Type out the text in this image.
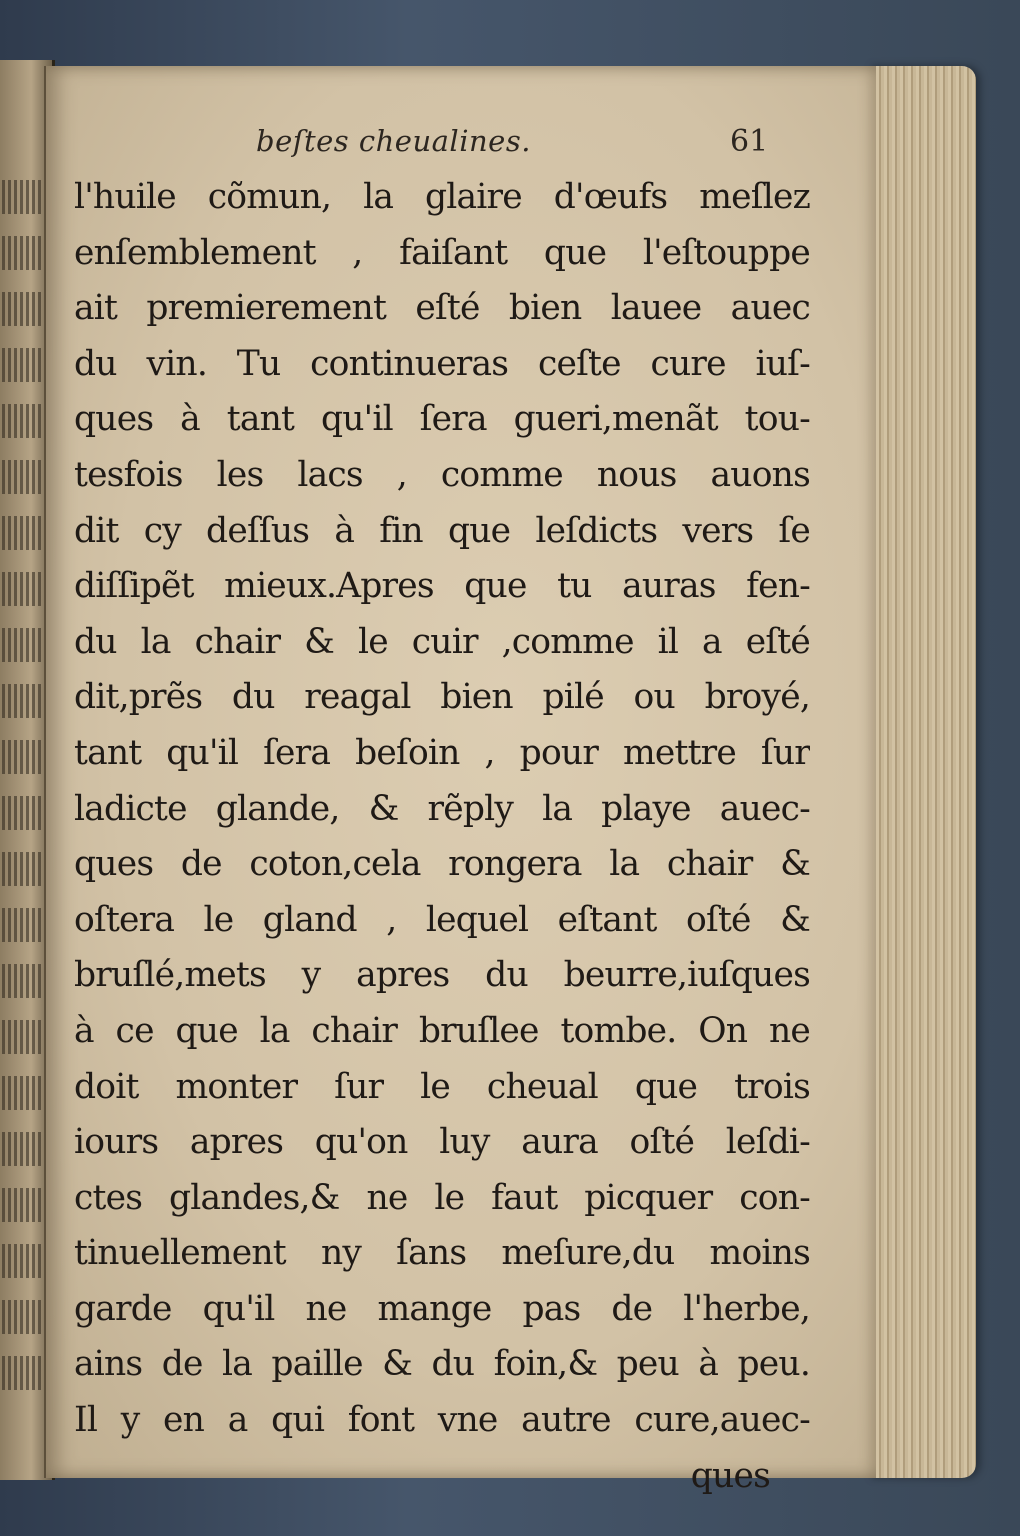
beſtes cheualines.	61
l'huile cõmun, la glaire d'œufs meſlez
enſemblement , faiſant que l'eſtouppe
ait premierement eſté bien lauee auec
du vin. Tu continueras ceſte cure iuſ-
ques à tant qu'il ſera gueri,menãt tou-
tesfois les lacs , comme nous auons
dit cy deſſus à fin que leſdicts vers ſe
diſſipẽt mieux.Apres que tu auras fen-
du la chair & le cuir ,comme il a eſté
dit,prẽs du reagal bien pilé ou broyé,
tant qu'il ſera beſoin , pour mettre ſur
ladicte glande, & rẽply la playe auec-
ques de coton,cela rongera la chair &
oſtera le gland , lequel eſtant oſté &
bruſlé,mets y apres du beurre,iuſques
à ce que la chair bruſlee tombe. On ne
doit monter ſur le cheual que trois
iours apres qu'on luy aura oſté leſdi-
ctes glandes,& ne le faut picquer con-
tinuellement ny ſans meſure,du moins
garde qu'il ne mange pas de l'herbe,
ains de la paille & du foin,& peu à peu.
Il y en a qui font vne autre cure,auec-
ques
